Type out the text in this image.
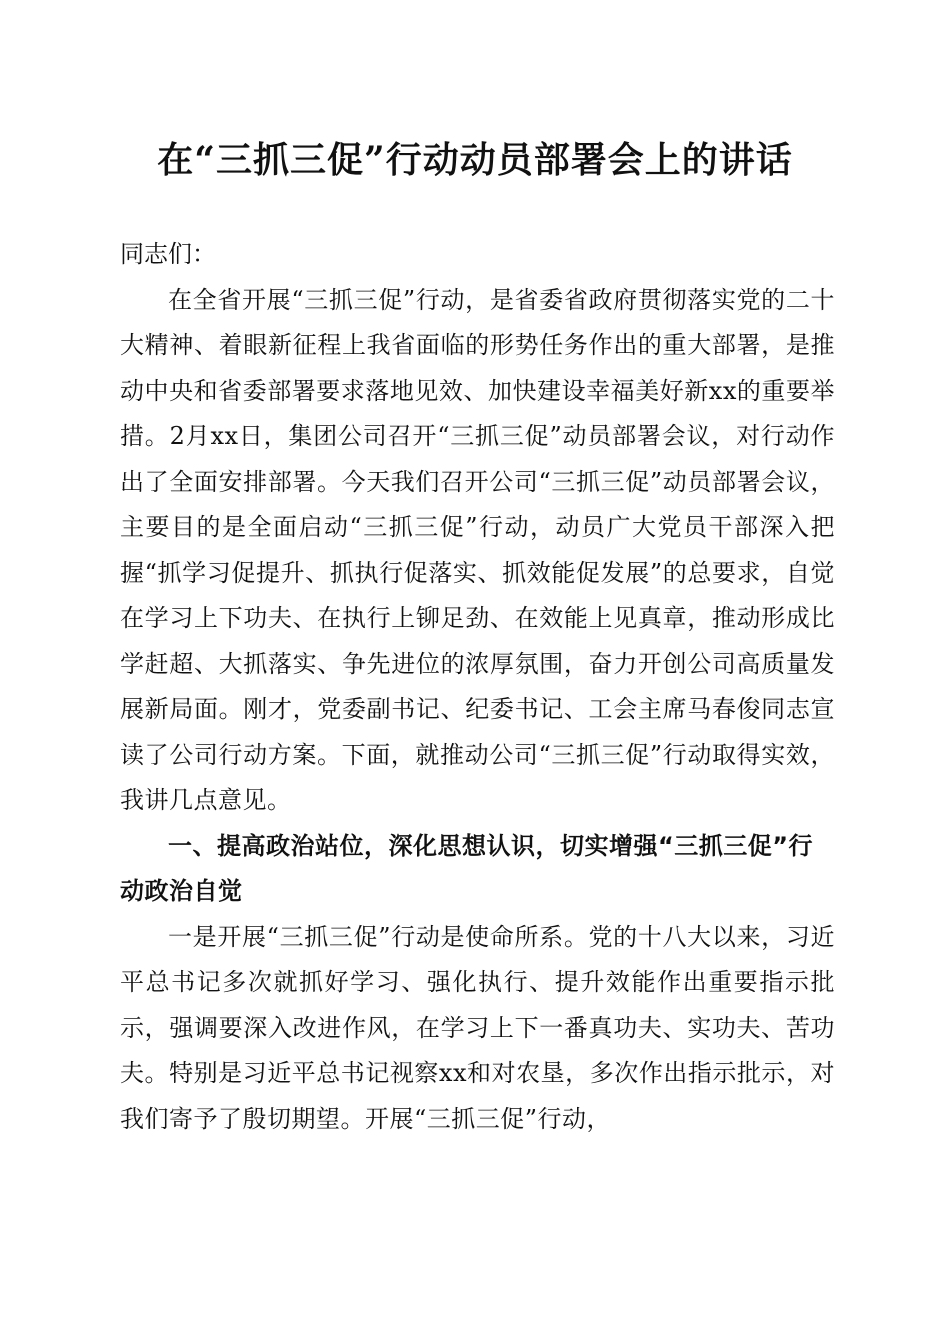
在“三抓三促”行动动员部署会上的讲话

同志们：

在全省开展“三抓三促”行动，是省委省政府贯彻落实党的二十大精神、着眼新征程上我省面临的形势任务作出的重大部署，是推动中央和省委部署要求落地见效、加快建设幸福美好新xx的重要举措。2月xx日，集团公司召开“三抓三促”动员部署会议，对行动作出了全面安排部署。今天我们召开公司“三抓三促”动员部署会议，主要目的是全面启动“三抓三促”行动，动员广大党员干部深入把握“抓学习促提升、抓执行促落实、抓效能促发展”的总要求，自觉在学习上下功夫、在执行上铆足劲、在效能上见真章，推动形成比学赶超、大抓落实、争先进位的浓厚氛围，奋力开创公司高质量发展新局面。刚才，党委副书记、纪委书记、工会主席马春俊同志宣读了公司行动方案。下面，就推动公司“三抓三促”行动取得实效，我讲几点意见。

一、提高政治站位，深化思想认识，切实增强“三抓三促”行动政治自觉

一是开展“三抓三促”行动是使命所系。党的十八大以来，习近平总书记多次就抓好学习、强化执行、提升效能作出重要指示批示，强调要深入改进作风，在学习上下一番真功夫、实功夫、苦功夫。特别是习近平总书记视察xx和对农垦，多次作出指示批示，对我们寄予了殷切期望。开展“三抓三促”行动，
